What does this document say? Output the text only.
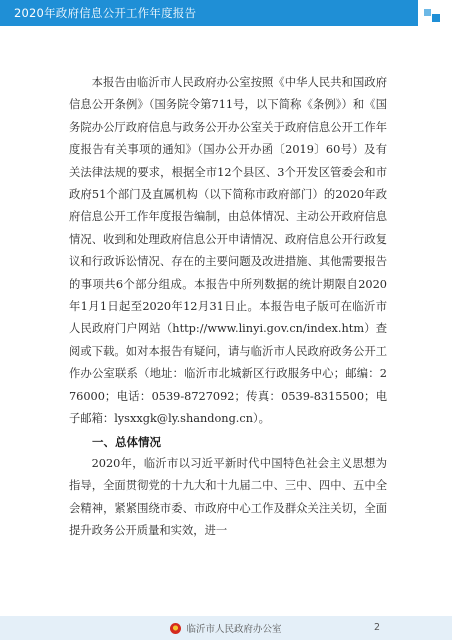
2020年政府信息公开工作年度报告

本报告由临沂市人民政府办公室按照《中华人民共和国政府信息公开条例》（国务院令第711号，以下简称《条例》）和《国务院办公厅政府信息与政务公开办公室关于政府信息公开工作年度报告有关事项的通知》（国办公开办函〔2019〕60号）及有关法律法规的要求，根据全市12个县区、3个开发区管委会和市政府51个部门及直属机构（以下简称市政府部门）的2020年政府信息公开工作年度报告编制，由总体情况、主动公开政府信息情况、收到和处理政府信息公开申请情况、政府信息公开行政复议和行政诉讼情况、存在的主要问题及改进措施、其他需要报告的事项共6个部分组成。本报告中所列数据的统计期限自2020年1月1日起至2020年12月31日止。本报告电子版可在临沂市人民政府门户网站（http://www.linyi.gov.cn/index.htm）查阅或下载。如对本报告有疑问，请与临沂市人民政府政务公开工作办公室联系（地址：临沂市北城新区行政服务中心；邮编：276000；电话：0539-8727092；传真：0539-8315500；电子邮箱：lysxxgk@ly.shandong.cn）。

一、总体情况

2020年，临沂市以习近平新时代中国特色社会主义思想为指导，全面贯彻党的十九大和十九届二中、三中、四中、五中全会精神，紧紧围绕市委、市政府中心工作及群众关注关切，全面提升政务公开质量和实效，进一

临沂市人民政府办公室	2
